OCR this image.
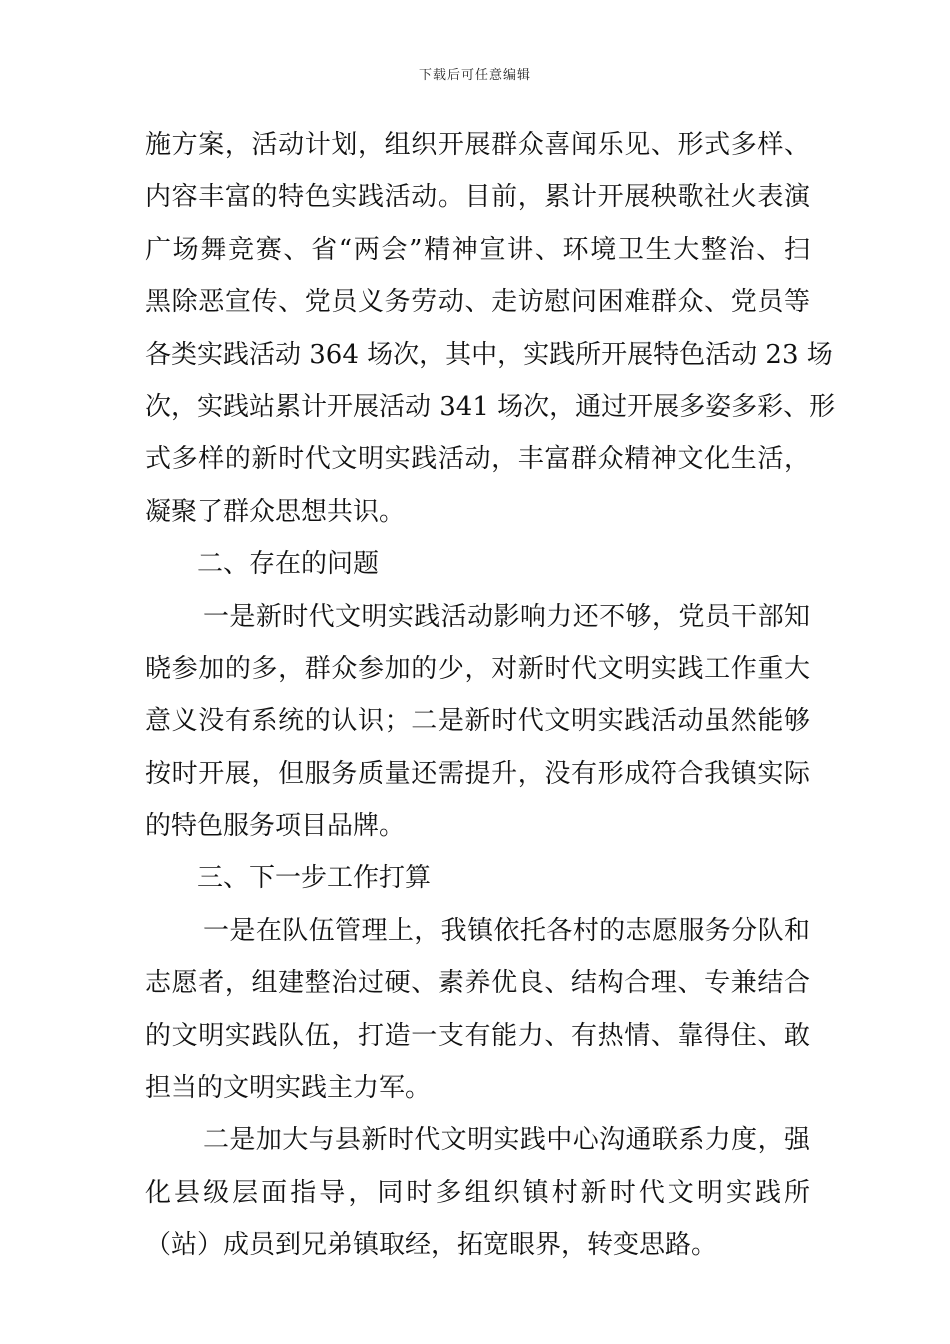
下载后可任意编辑
施方案，活动计划，组织开展群众喜闻乐见、形式多样、
内容丰富的特色实践活动。目前，累计开展秧歌社火表演
广场舞竞赛、省“两会”精神宣讲、环境卫生大整治、扫
黑除恶宣传、党员义务劳动、走访慰问困难群众、党员等
各类实践活动 364 场次，其中，实践所开展特色活动 23 场
次，实践站累计开展活动 341 场次，通过开展多姿多彩、形
式多样的新时代文明实践活动，丰富群众精神文化生活，
凝聚了群众思想共识。
二、存在的问题
一是新时代文明实践活动影响力还不够，党员干部知
晓参加的多，群众参加的少，对新时代文明实践工作重大
意义没有系统的认识；二是新时代文明实践活动虽然能够
按时开展，但服务质量还需提升，没有形成符合我镇实际
的特色服务项目品牌。
三、下一步工作打算
一是在队伍管理上，我镇依托各村的志愿服务分队和
志愿者，组建整治过硬、素养优良、结构合理、专兼结合
的文明实践队伍，打造一支有能力、有热情、靠得住、敢
担当的文明实践主力军。
二是加大与县新时代文明实践中心沟通联系力度，强
化县级层面指导，同时多组织镇村新时代文明实践所
（站）成员到兄弟镇取经，拓宽眼界，转变思路。
